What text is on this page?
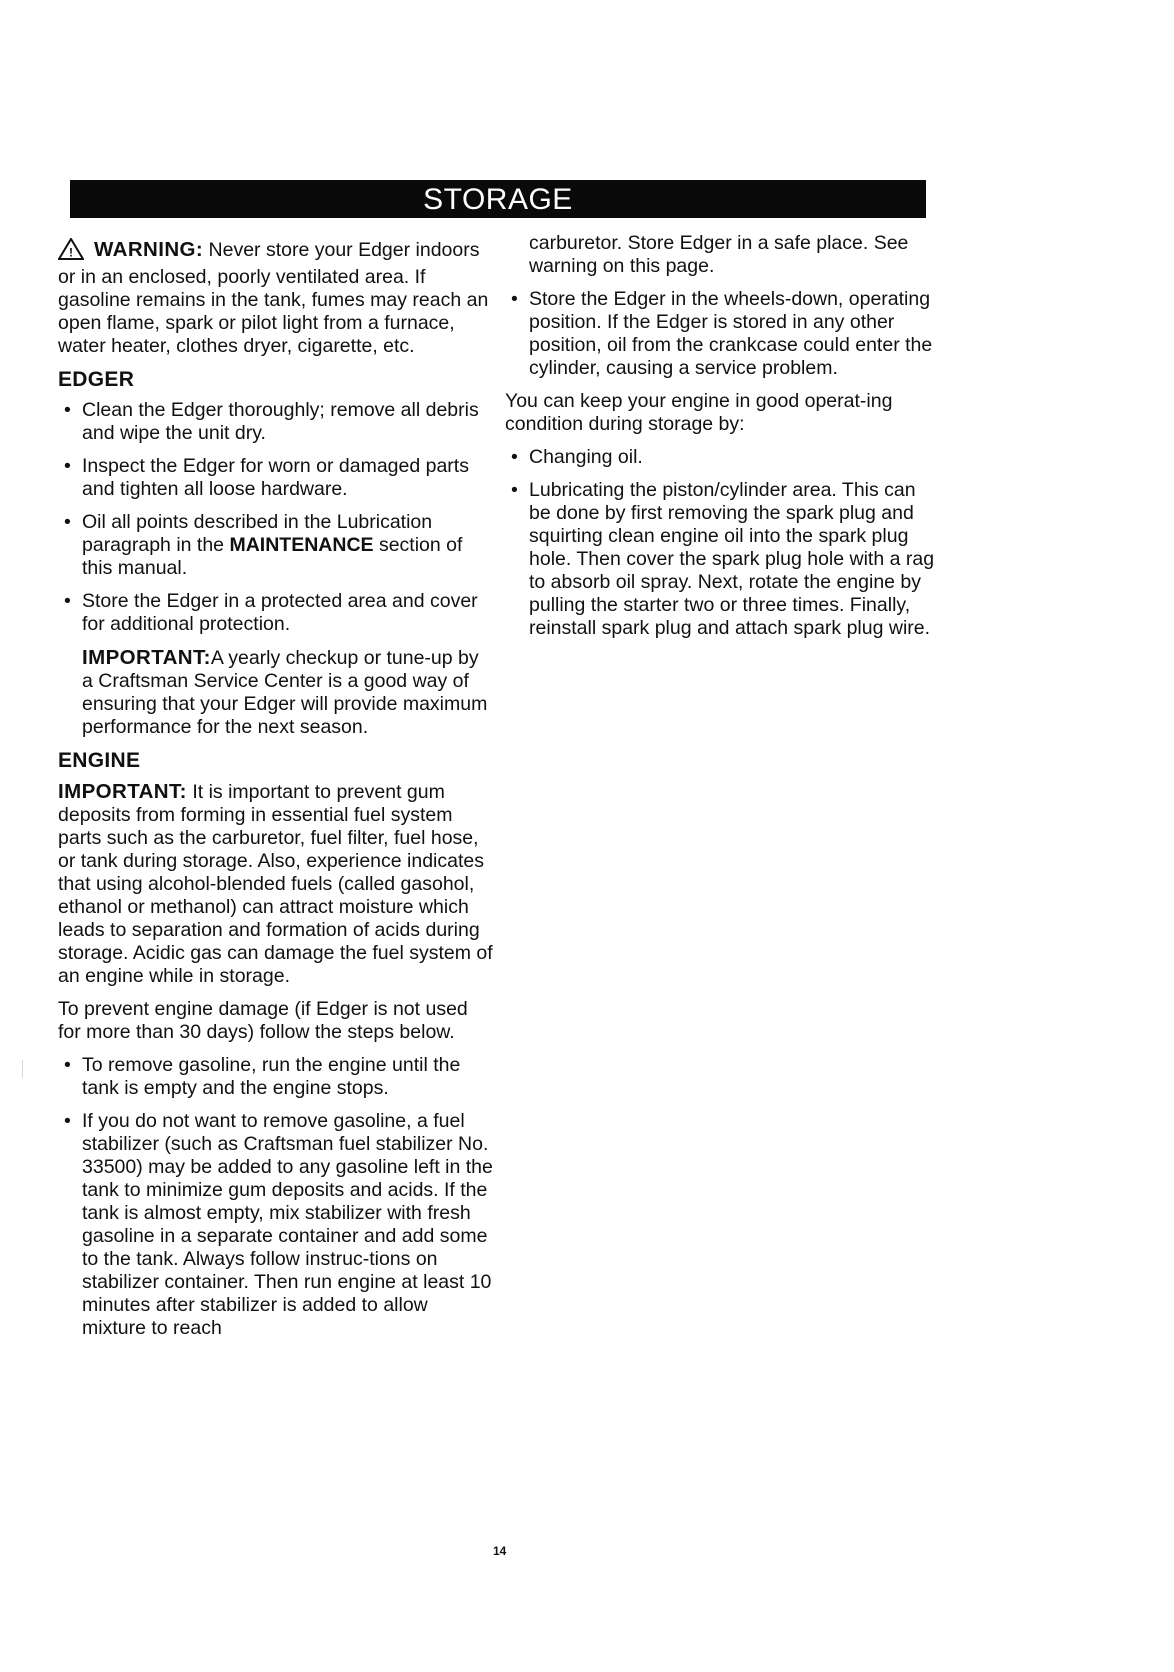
STORAGE

! WARNING: Never store your Edger indoors or in an enclosed, poorly ventilated area. If gasoline remains in the tank, fumes may reach an open flame, spark or pilot light from a furnace, water heater, clothes dryer, cigarette, etc.

EDGER
• Clean the Edger thoroughly; remove all debris and wipe the unit dry.
• Inspect the Edger for worn or damaged parts and tighten all loose hardware.
• Oil all points described in the Lubrication paragraph in the MAINTENANCE section of this manual.
• Store the Edger in a protected area and cover for additional protection.

IMPORTANT:A yearly checkup or tune-up by a Craftsman Service Center is a good way of ensuring that your Edger will provide maximum performance for the next season.

ENGINE

IMPORTANT: It is important to prevent gum deposits from forming in essential fuel system parts such as the carburetor, fuel filter, fuel hose, or tank during storage. Also, experience indicates that using alcohol-blended fuels (called gasohol, ethanol or methanol) can attract moisture which leads to separation and formation of acids during storage. Acidic gas can damage the fuel system of an engine while in storage.

To prevent engine damage (if Edger is not used for more than 30 days) follow the steps below.

• To remove gasoline, run the engine until the tank is empty and the engine stops.
• If you do not want to remove gasoline, a fuel stabilizer (such as Craftsman fuel stabilizer No. 33500) may be added to any gasoline left in the tank to minimize gum deposits and acids. If the tank is almost empty, mix stabilizer with fresh gasoline in a separate container and add some to the tank. Always follow instruc-tions on stabilizer container. Then run engine at least 10 minutes after stabilizer is added to allow mixture to reach

carburetor. Store Edger in a safe place. See warning on this page.

• Store the Edger in the wheels-down, operating position. If the Edger is stored in any other position, oil from the crankcase could enter the cylinder, causing a service problem.

You can keep your engine in good operat-ing condition during storage by:

• Changing oil.
• Lubricating the piston/cylinder area. This can be done by first removing the spark plug and squirting clean engine oil into the spark plug hole. Then cover the spark plug hole with a rag to absorb oil spray. Next, rotate the engine by pulling the starter two or three times. Finally, reinstall spark plug and attach spark plug wire.
14
